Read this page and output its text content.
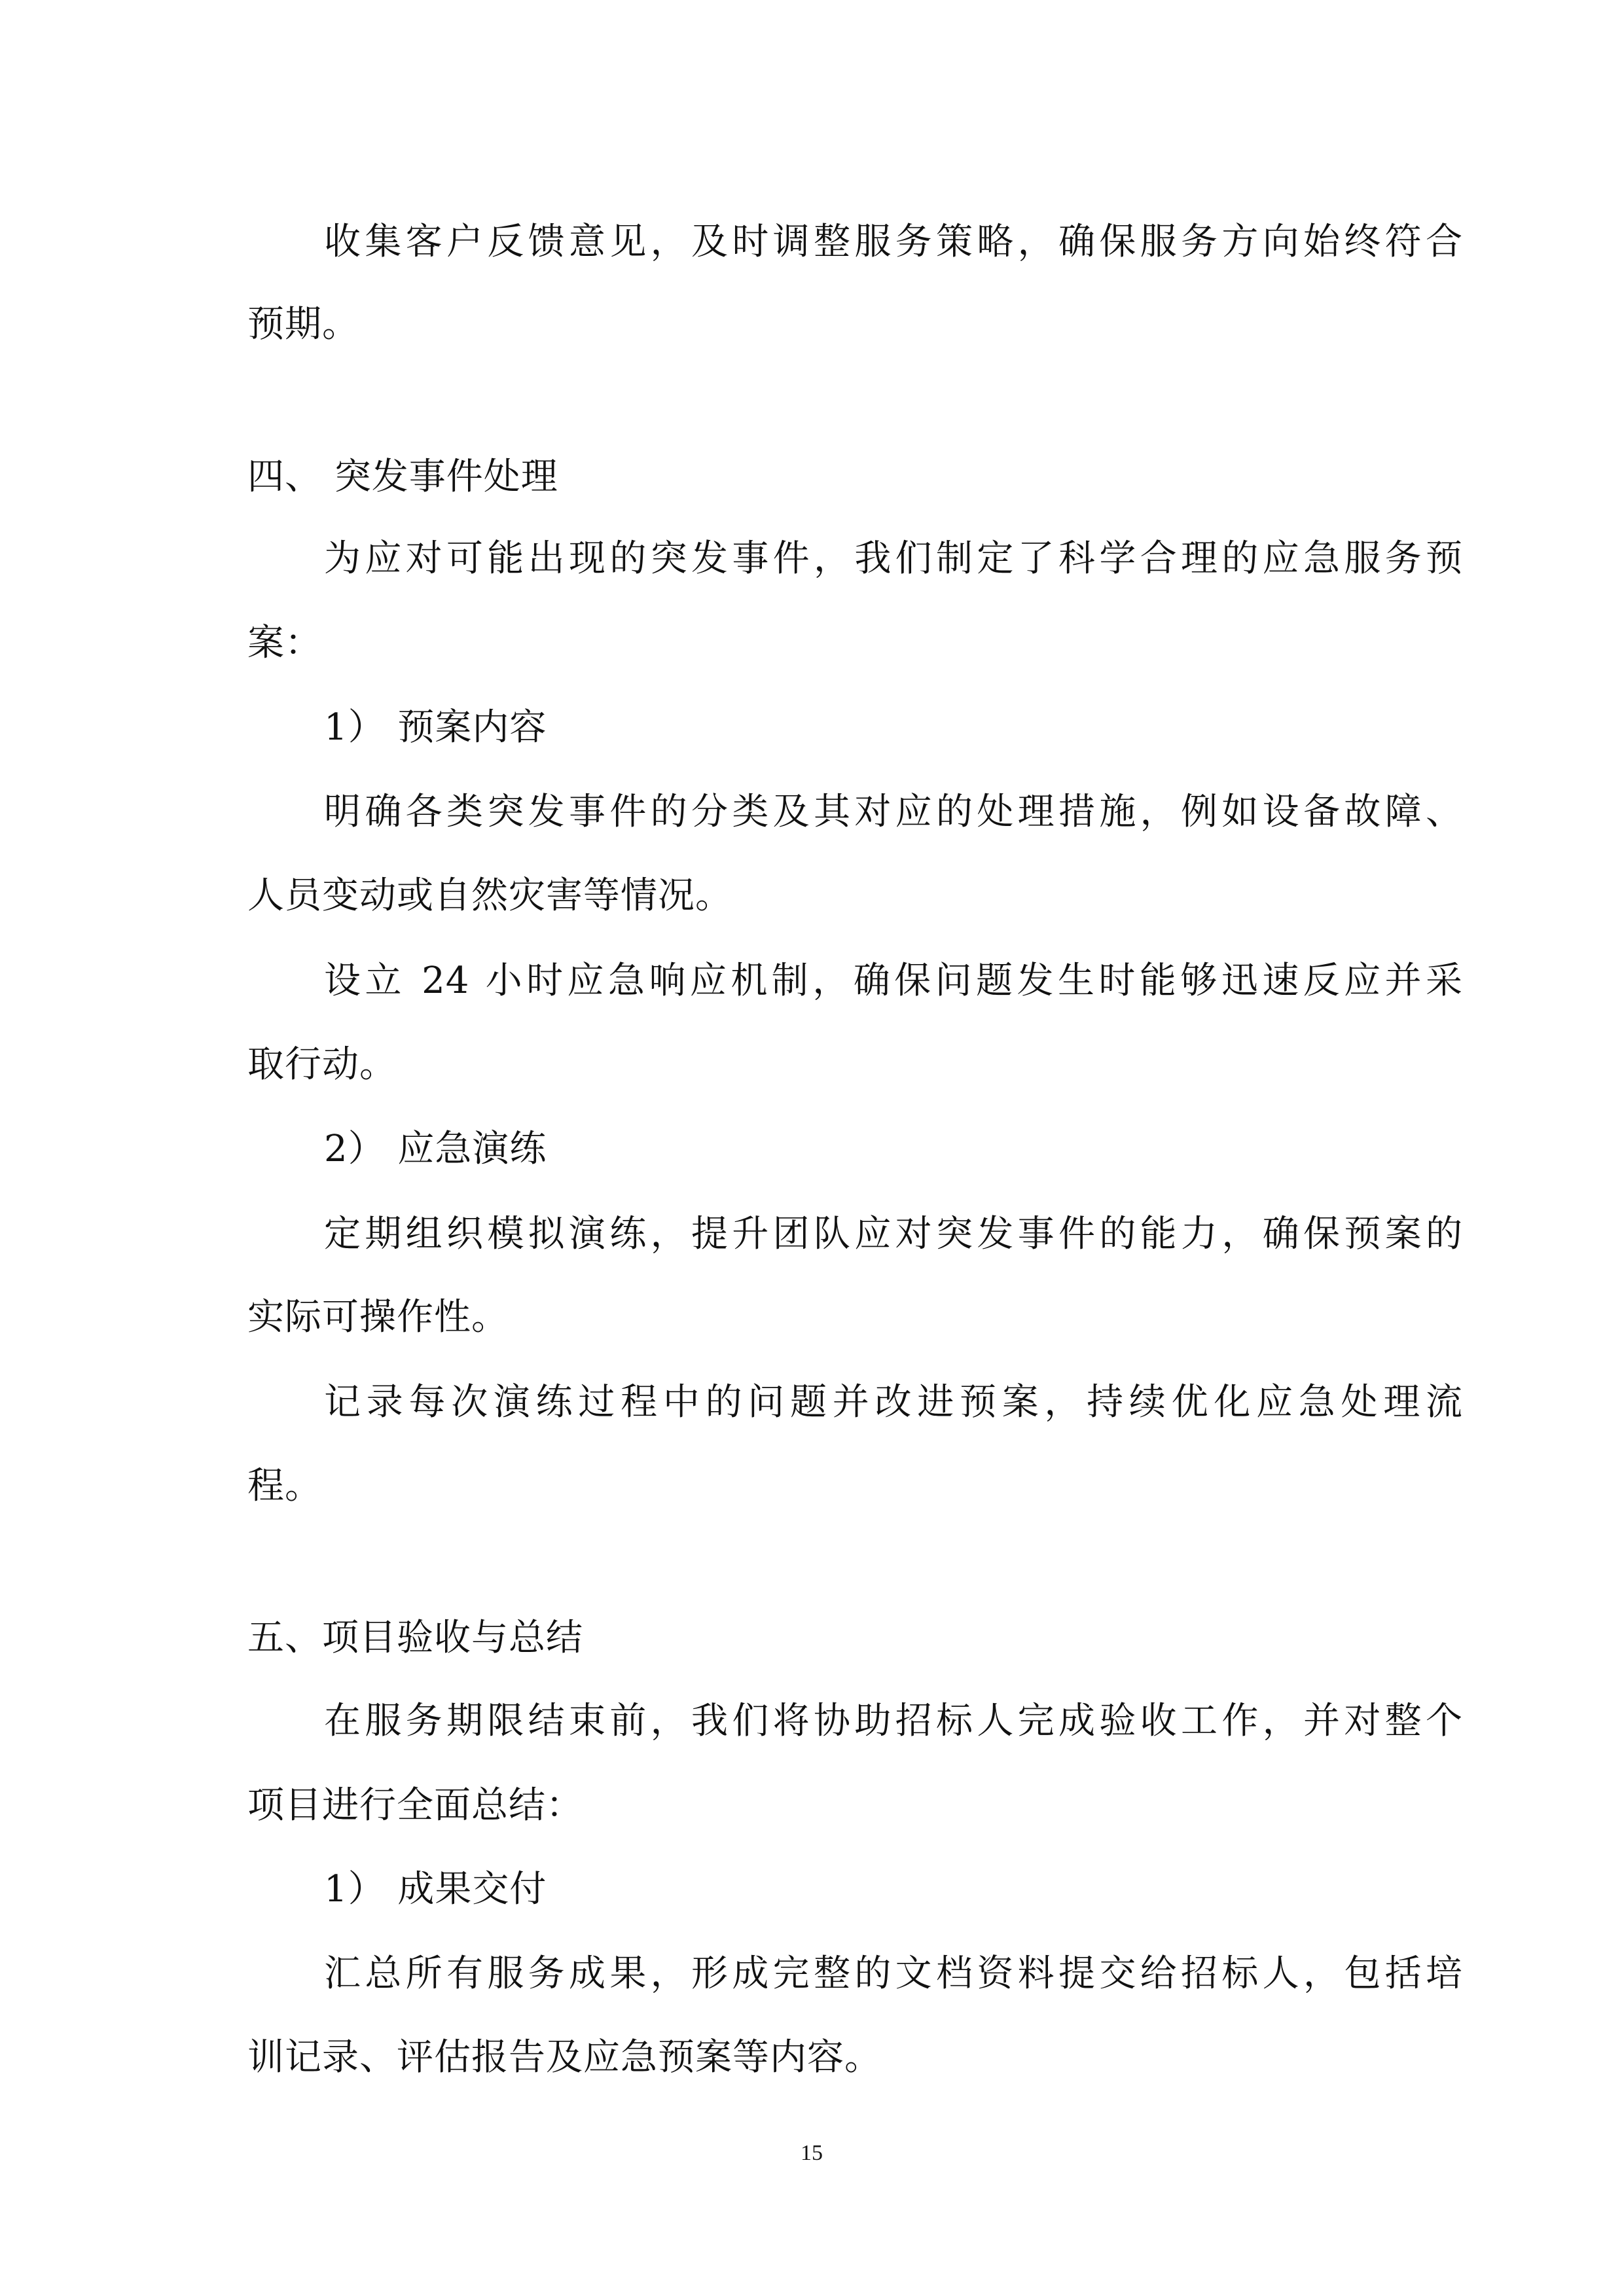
收集客户反馈意见，及时调整服务策略，确保服务方向始终符合
预期。
四、 突发事件处理
为应对可能出现的突发事件，我们制定了科学合理的应急服务预
案：
1） 预案内容
明确各类突发事件的分类及其对应的处理措施，例如设备故障、
人员变动或自然灾害等情况。
设立 24 小时应急响应机制，确保问题发生时能够迅速反应并采
取行动。
2） 应急演练
定期组织模拟演练，提升团队应对突发事件的能力，确保预案的
实际可操作性。
记录每次演练过程中的问题并改进预案，持续优化应急处理流
程。
五、项目验收与总结
在服务期限结束前，我们将协助招标人完成验收工作，并对整个
项目进行全面总结：
1） 成果交付
汇总所有服务成果，形成完整的文档资料提交给招标人，包括培
训记录、评估报告及应急预案等内容。
15
